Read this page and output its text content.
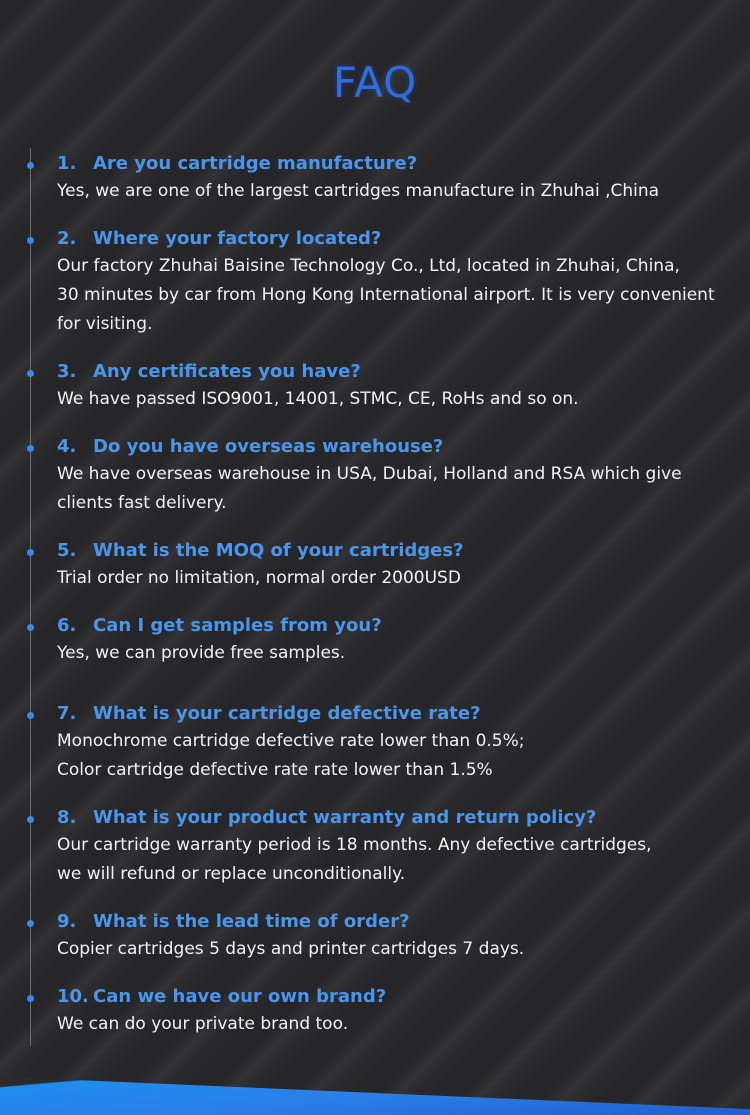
FAQ
1. Are you cartridge manufacture?
Yes, we are one of the largest cartridges manufacture in Zhuhai ,China
2. Where your factory located?
Our factory Zhuhai Baisine Technology Co., Ltd, located in Zhuhai, China,
30 minutes by car from Hong Kong International airport. It is very convenient
for visiting.
3. Any certificates you have?
We have passed ISO9001, 14001, STMC, CE, RoHs and so on.
4. Do you have overseas warehouse?
We have overseas warehouse in USA, Dubai, Holland and RSA which give
clients fast delivery.
5. What is the MOQ of your cartridges?
Trial order no limitation, normal order 2000USD
6. Can I get samples from you?
Yes, we can provide free samples.
7. What is your cartridge defective rate?
Monochrome cartridge defective rate lower than 0.5%;
Color cartridge defective rate rate lower than 1.5%
8. What is your product warranty and return policy?
Our cartridge warranty period is 18 months. Any defective cartridges,
we will refund or replace unconditionally.
9. What is the lead time of order?
Copier cartridges 5 days and printer cartridges 7 days.
10. Can we have our own brand?
We can do your private brand too.
